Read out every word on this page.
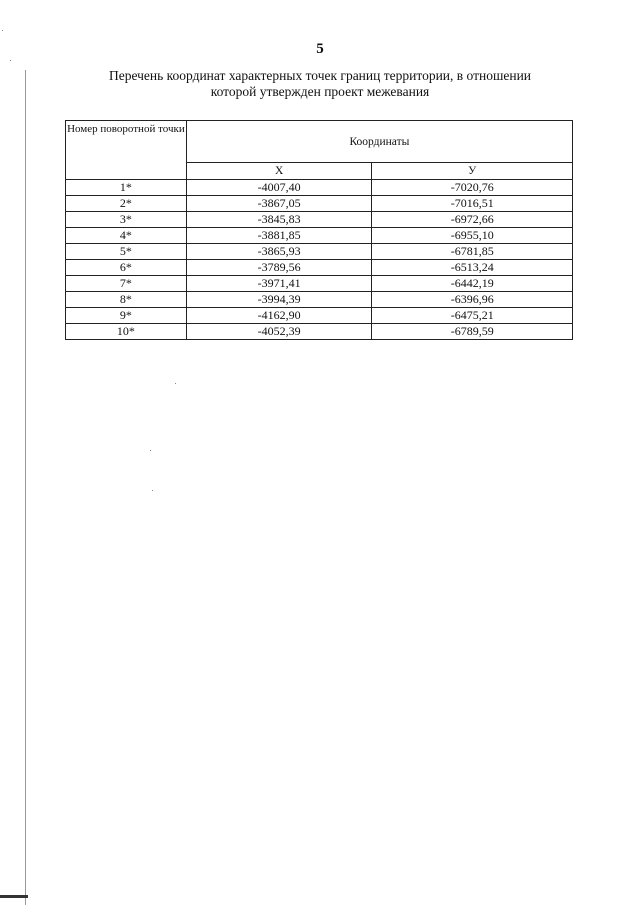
5
Перечень координат характерных точек границ территории, в отношении
которой утвержден проект межевания
Номер поворотной точки	Координаты	
	X	У
1*	-4007,40	-7020,76
2*	-3867,05	-7016,51
3*	-3845,83	-6972,66
4*	-3881,85	-6955,10
5*	-3865,93	-6781,85
6*	-3789,56	-6513,24
7*	-3971,41	-6442,19
8*	-3994,39	-6396,96
9*	-4162,90	-6475,21
10*	-4052,39	-6789,59
